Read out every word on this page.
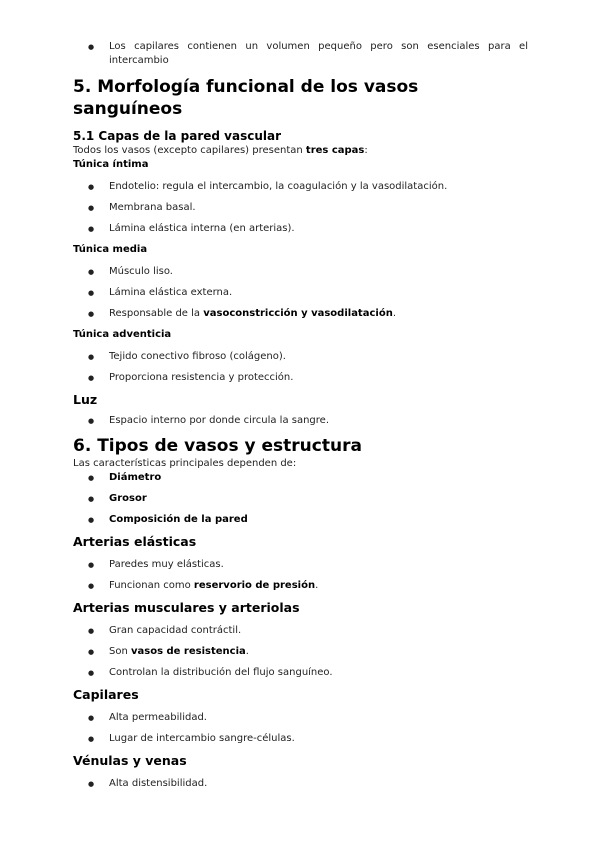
● Los capilares contienen un volumen pequeño pero son esenciales para el intercambio
5. Morfología funcional de los vasos sanguíneos
5.1 Capas de la pared vascular

Todos los vasos (excepto capilares) presentan tres capas:

Túnica íntima
● Endotelio: regula el intercambio, la coagulación y la vasodilatación.
● Membrana basal.
● Lámina elástica interna (en arterias).
Túnica media
● Músculo liso.
● Lámina elástica externa.
● Responsable de la vasoconstricción y vasodilatación.
Túnica adventicia
● Tejido conectivo fibroso (colágeno).
● Proporciona resistencia y protección.
Luz
● Espacio interno por donde circula la sangre.
6. Tipos de vasos y estructura

Las características principales dependen de:

● Diámetro
● Grosor
● Composición de la pared
Arterias elásticas
● Paredes muy elásticas.
● Funcionan como reservorio de presión.
Arterias musculares y arteriolas
● Gran capacidad contráctil.
● Son vasos de resistencia.
● Controlan la distribución del flujo sanguíneo.
Capilares
● Alta permeabilidad.
● Lugar de intercambio sangre-células.
Vénulas y venas
● Alta distensibilidad.
